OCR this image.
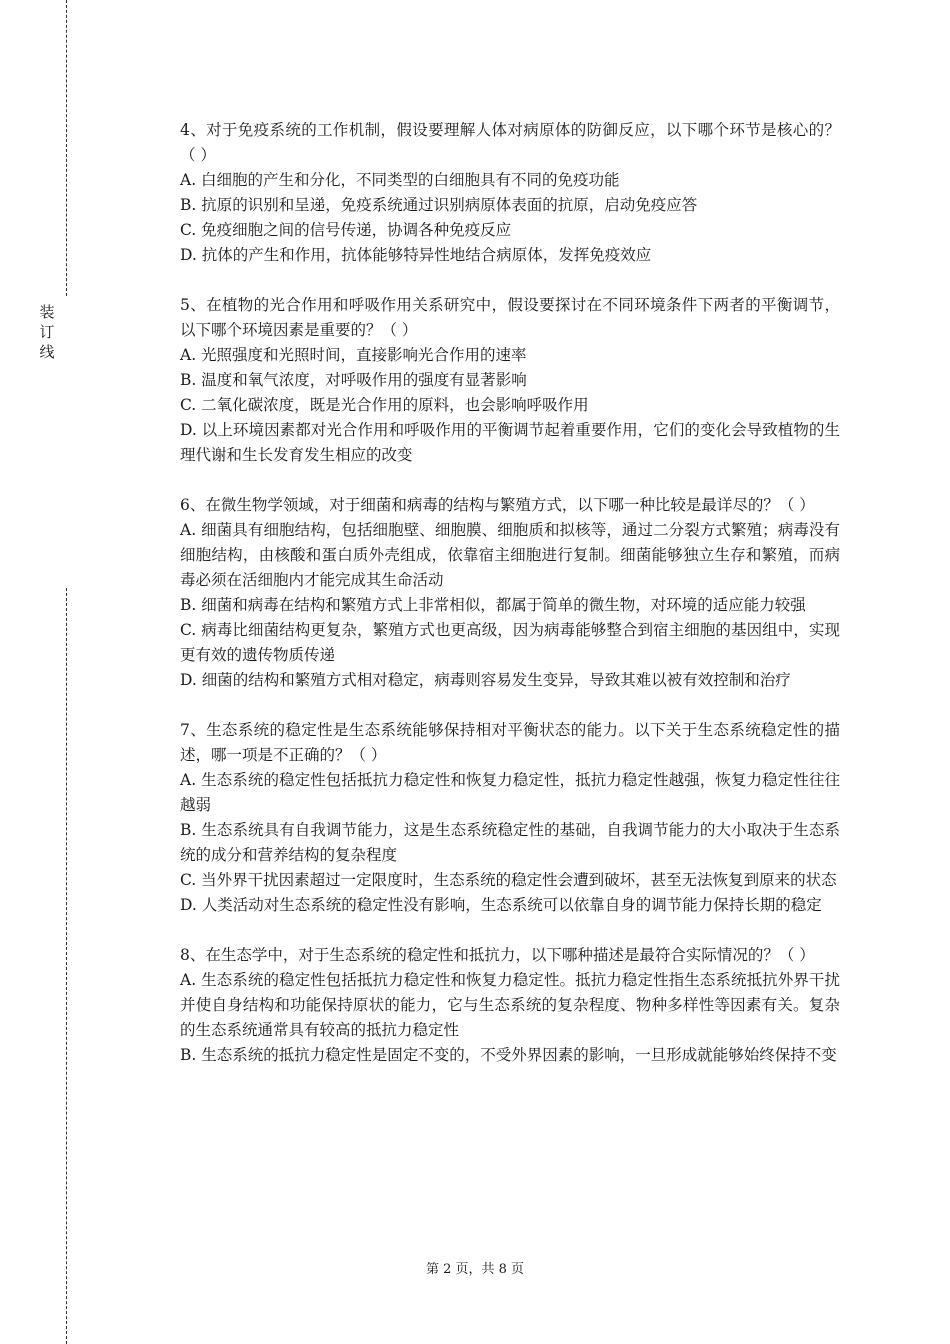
装
订
线

4、对于免疫系统的工作机制，假设要理解人体对病原体的防御反应，以下哪个环节是核心的？（ ）

A. 白细胞的产生和分化，不同类型的白细胞具有不同的免疫功能

B. 抗原的识别和呈递，免疫系统通过识别病原体表面的抗原，启动免疫应答

C. 免疫细胞之间的信号传递，协调各种免疫反应

D. 抗体的产生和作用，抗体能够特异性地结合病原体，发挥免疫效应

5、在植物的光合作用和呼吸作用关系研究中，假设要探讨在不同环境条件下两者的平衡调节，以下哪个环境因素是重要的？（ ）

A. 光照强度和光照时间，直接影响光合作用的速率

B. 温度和氧气浓度，对呼吸作用的强度有显著影响

C. 二氧化碳浓度，既是光合作用的原料，也会影响呼吸作用

D. 以上环境因素都对光合作用和呼吸作用的平衡调节起着重要作用，它们的变化会导致植物的生理代谢和生长发育发生相应的改变

6、在微生物学领域，对于细菌和病毒的结构与繁殖方式，以下哪一种比较是最详尽的？（ ）

A. 细菌具有细胞结构，包括细胞壁、细胞膜、细胞质和拟核等，通过二分裂方式繁殖；病毒没有细胞结构，由核酸和蛋白质外壳组成，依靠宿主细胞进行复制。细菌能够独立生存和繁殖，而病毒必须在活细胞内才能完成其生命活动

B. 细菌和病毒在结构和繁殖方式上非常相似，都属于简单的微生物，对环境的适应能力较强

C. 病毒比细菌结构更复杂，繁殖方式也更高级，因为病毒能够整合到宿主细胞的基因组中，实现更有效的遗传物质传递

D. 细菌的结构和繁殖方式相对稳定，病毒则容易发生变异，导致其难以被有效控制和治疗

7、生态系统的稳定性是生态系统能够保持相对平衡状态的能力。以下关于生态系统稳定性的描述，哪一项是不正确的？（ ）

A. 生态系统的稳定性包括抵抗力稳定性和恢复力稳定性，抵抗力稳定性越强，恢复力稳定性往往越弱

B. 生态系统具有自我调节能力，这是生态系统稳定性的基础，自我调节能力的大小取决于生态系统的成分和营养结构的复杂程度

C. 当外界干扰因素超过一定限度时，生态系统的稳定性会遭到破坏，甚至无法恢复到原来的状态

D. 人类活动对生态系统的稳定性没有影响，生态系统可以依靠自身的调节能力保持长期的稳定

8、在生态学中，对于生态系统的稳定性和抵抗力，以下哪种描述是最符合实际情况的？（ ）

A. 生态系统的稳定性包括抵抗力稳定性和恢复力稳定性。抵抗力稳定性指生态系统抵抗外界干扰并使自身结构和功能保持原状的能力，它与生态系统的复杂程度、物种多样性等因素有关。复杂的生态系统通常具有较高的抵抗力稳定性

B. 生态系统的抵抗力稳定性是固定不变的，不受外界因素的影响，一旦形成就能够始终保持不变

第 2 页，共 8 页
